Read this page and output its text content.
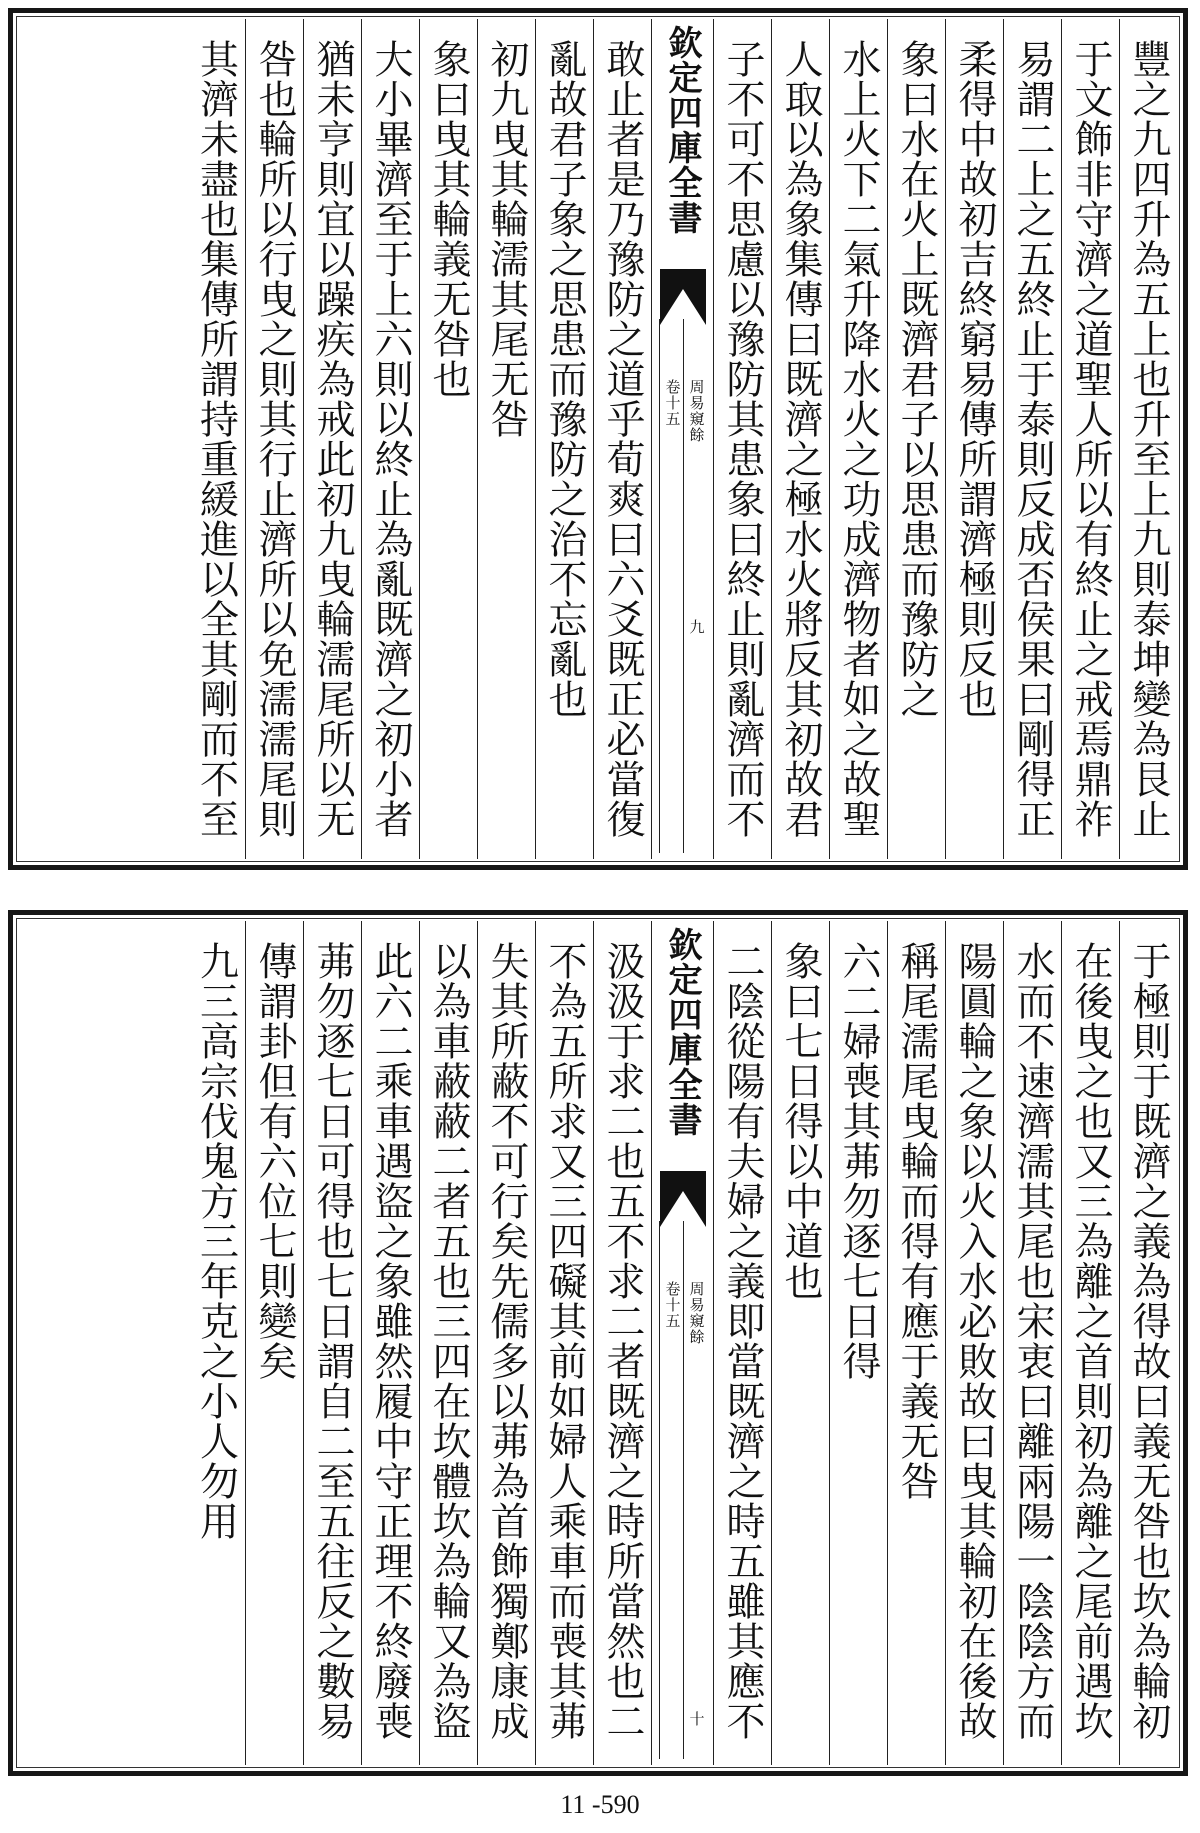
豐之九四升為五上也升至上九則泰坤變為艮止
于文飾非守濟之道聖人所以有終止之戒焉鼎祚
易謂二上之五終止于泰則反成否侯果曰剛得正
柔得中故初吉終窮易傳所謂濟極則反也
象曰水在火上既濟君子以思患而豫防之
水上火下二氣升降水火之功成濟物者如之故聖
人取以為象集傳曰既濟之極水火將反其初故君
子不可不思慮以豫防其患象曰終止則亂濟而不
欽定四庫全書
周易窺餘
卷十五
九
敢止者是乃豫防之道乎荀爽曰六爻既正必當復
亂故君子象之思患而豫防之治不忘亂也
初九曳其輪濡其尾无咎
象曰曳其輪義无咎也
大小畢濟至于上六則以終止為亂既濟之初小者
猶未亨則宜以躁疾為戒此初九曳輪濡尾所以无
咎也輪所以行曳之則其行止濟所以免濡濡尾則
其濟未盡也集傳所謂持重緩進以全其剛而不至
于極則于既濟之義為得故曰義无咎也坎為輪初
在後曳之也又三為離之首則初為離之尾前遇坎
水而不速濟濡其尾也宋衷曰離兩陽一陰陰方而
陽圓輪之象以火入水必敗故曰曳其輪初在後故
稱尾濡尾曳輪而得有應于義无咎
六二婦喪其茀勿逐七日得
象曰七日得以中道也
二陰從陽有夫婦之義即當既濟之時五雖其應不
欽定四庫全書
周易窺餘
卷十五
十
汲汲于求二也五不求二者既濟之時所當然也二
不為五所求又三四礙其前如婦人乘車而喪其茀
失其所蔽不可行矣先儒多以茀為首飾獨鄭康成
以為車蔽蔽二者五也三四在坎體坎為輪又為盜
此六二乘車遇盜之象雖然履中守正理不終廢喪
茀勿逐七日可得也七日謂自二至五往反之數易
傳謂卦但有六位七則變矣
九三高宗伐鬼方三年克之小人勿用
11 -590
